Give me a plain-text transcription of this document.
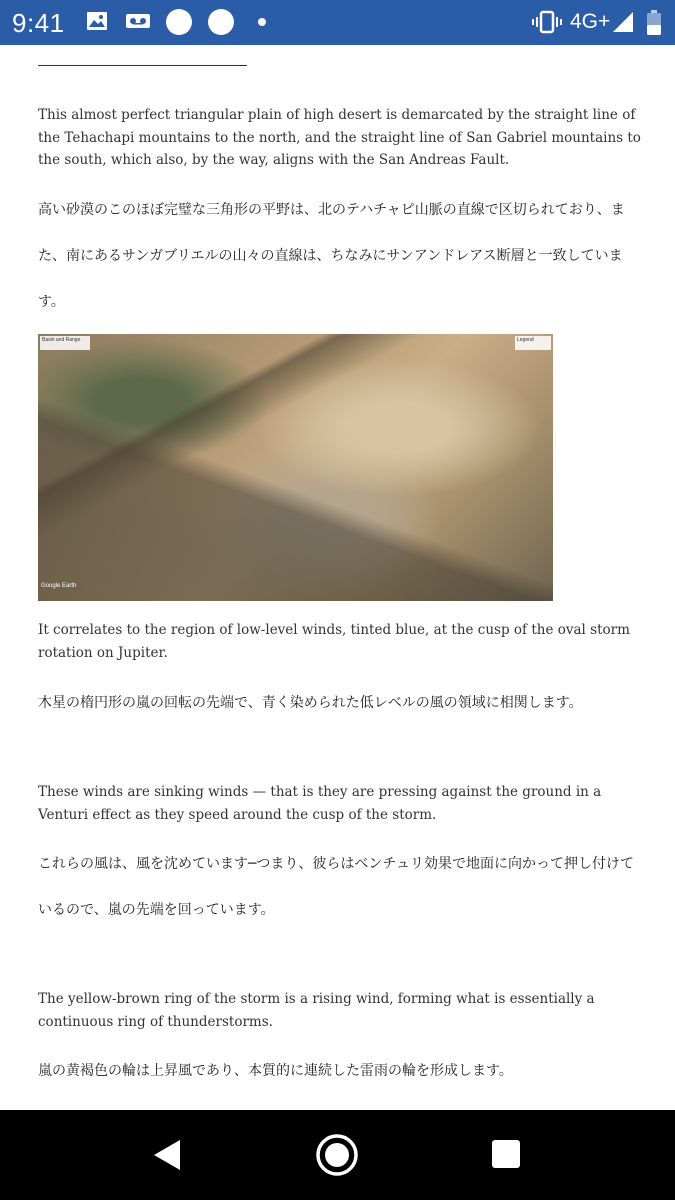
9:41	4G+

This almost perfect triangular plain of high desert is demarcated by the straight line of the Tehachapi mountains to the north, and the straight line of San Gabriel mountains to the south, which also, by the way, aligns with the San Andreas Fault.

高い砂漠のこのほぼ完璧な三角形の平野は、北のテハチャピ山脈の直線で区切られており、また、南にあるサンガブリエルの山々の直線は、ちなみにサンアンドレアス断層と一致しています。

Basin and Range	Legend
Google Earth

It correlates to the region of low-level winds, tinted blue, at the cusp of the oval storm rotation on Jupiter.

木星の楕円形の嵐の回転の先端で、青く染められた低レベルの風の領域に相関します。

These winds are sinking winds — that is they are pressing against the ground in a Venturi effect as they speed around the cusp of the storm.

これらの風は、風を沈めています─つまり、彼らはベンチュリ効果で地面に向かって押し付けているので、嵐の先端を回っています。

The yellow-brown ring of the storm is a rising wind, forming what is essentially a continuous ring of thunderstorms.

嵐の黄褐色の輪は上昇風であり、本質的に連続した雷雨の輪を形成します。
